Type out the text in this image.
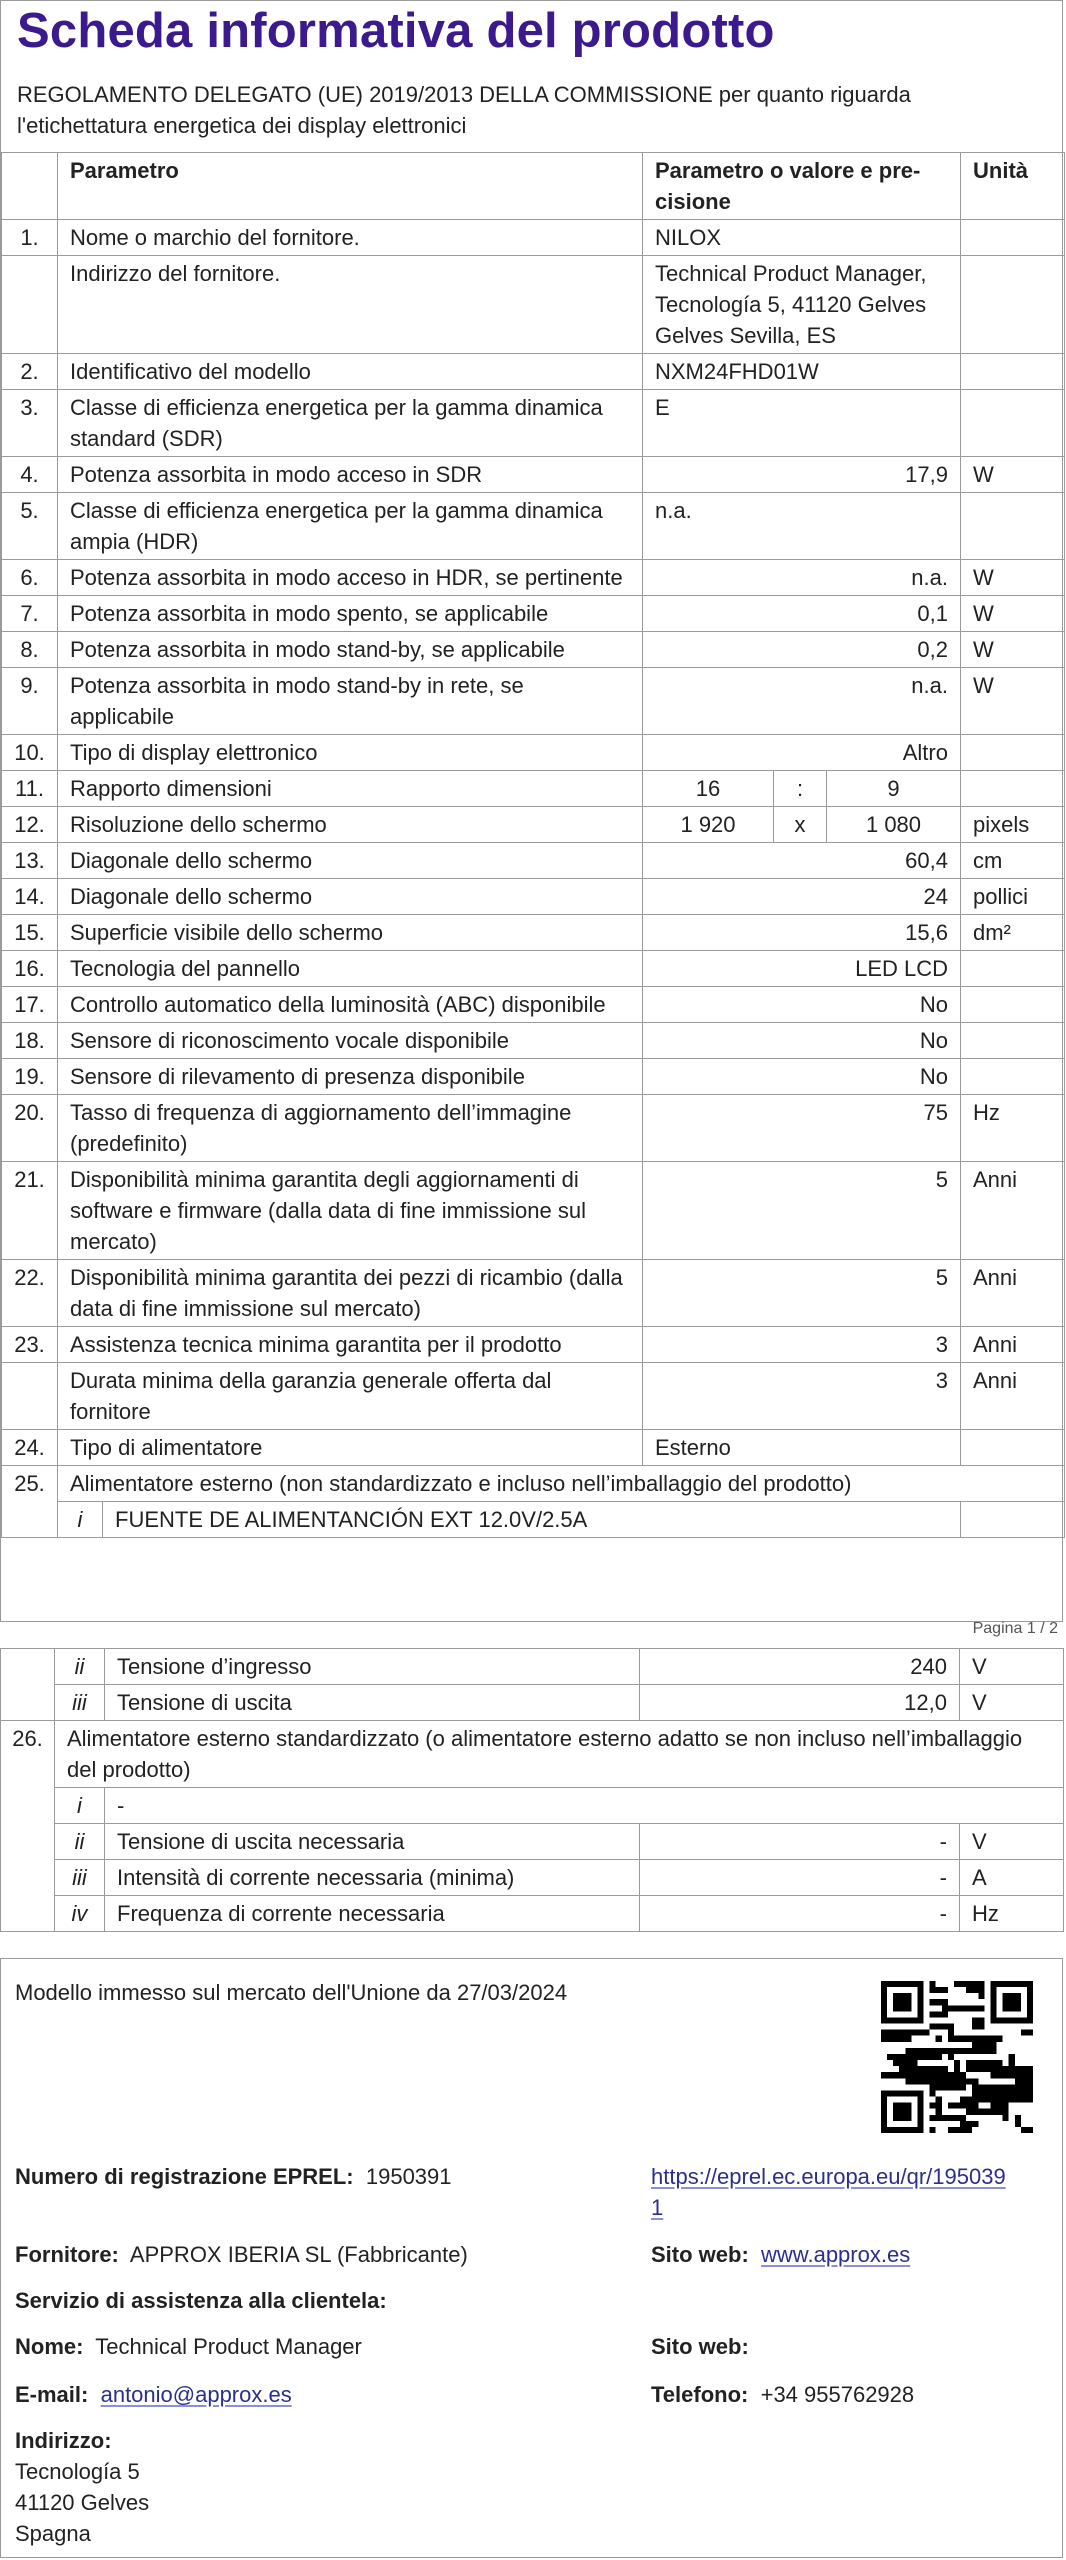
Scheda informativa del prodotto
REGOLAMENTO DELEGATO (UE) 2019/2013 DELLA COMMISSIONE per quanto riguarda l'etichettatura energetica dei display elettronici
	Parametro	Parametro o valore e pre-cisione	Unità
1.	Nome o marchio del fornitore.	NILOX	
	Indirizzo del fornitore.	Technical Product Manager, Tecnología 5, 41120 Gelves Gelves Sevilla, ES	
2.	Identificativo del modello	NXM24FHD01W	
3.	Classe di efficienza energetica per la gamma dinamica standard (SDR)	E	
4.	Potenza assorbita in modo acceso in SDR	17,9	W
5.	Classe di efficienza energetica per la gamma dinamica ampia (HDR)	n.a.	
6.	Potenza assorbita in modo acceso in HDR, se pertinente	n.a.	W
7.	Potenza assorbita in modo spento, se applicabile	0,1	W
8.	Potenza assorbita in modo stand-by, se applicabile	0,2	W
9.	Potenza assorbita in modo stand-by in rete, se applicabile	n.a.	W
10.	Tipo di display elettronico	Altro	
11.	Rapporto dimensioni	16	:	9	
12.	Risoluzione dello schermo	1 920	x	1 080	pixels
13.	Diagonale dello schermo	60,4	cm
14.	Diagonale dello schermo	24	pollici
15.	Superficie visibile dello schermo	15,6	dm²
16.	Tecnologia del pannello	LED LCD	
17.	Controllo automatico della luminosità (ABC) disponibile	No	
18.	Sensore di riconoscimento vocale disponibile	No	
19.	Sensore di rilevamento di presenza disponibile	No	
20.	Tasso di frequenza di aggiornamento dell’immagine (predefinito)	75	Hz
21.	Disponibilità minima garantita degli aggiornamenti di software e firmware (dalla data di fine immissione sul mercato)	5	Anni
22.	Disponibilità minima garantita dei pezzi di ricambio (dalla data di fine immissione sul mercato)	5	Anni
23.	Assistenza tecnica minima garantita per il prodotto	3	Anni
	Durata minima della garanzia generale offerta dal fornitore	3	Anni
24.	Tipo di alimentatore	Esterno	
25.	Alimentatore esterno (non standardizzato e incluso nell’imballaggio del prodotto)

i	FUENTE DE ALIMENTANCIÓN EXT 12.0V/2.5A

Pagina 1 / 2
	ii	Tensione d’ingresso	240	V
	iii	Tensione di uscita	12,0	V
26.	Alimentatore esterno standardizzato (o alimentatore esterno adatto se non incluso nell’imballaggio del prodotto)			
	i	-		
	ii	Tensione di uscita necessaria	-	V
	iii	Intensità di corrente necessaria (minima)	-	A
	iv	Frequenza di corrente necessaria	-	Hz
Modello immesso sul mercato dell'Unione da 27/03/2024
Numero di registrazione EPREL: 1950391	https://eprel.ec.europa.eu/qr/1950391
Fornitore: APPROX IBERIA SL (Fabbricante)	Sito web: www.approx.es
Servizio di assistenza alla clientela:
Nome: Technical Product Manager	Sito web:
E-mail: antonio@approx.es	Telefono: +34 955762928
Indirizzo:
Tecnología 5
41120 Gelves
Spagna
